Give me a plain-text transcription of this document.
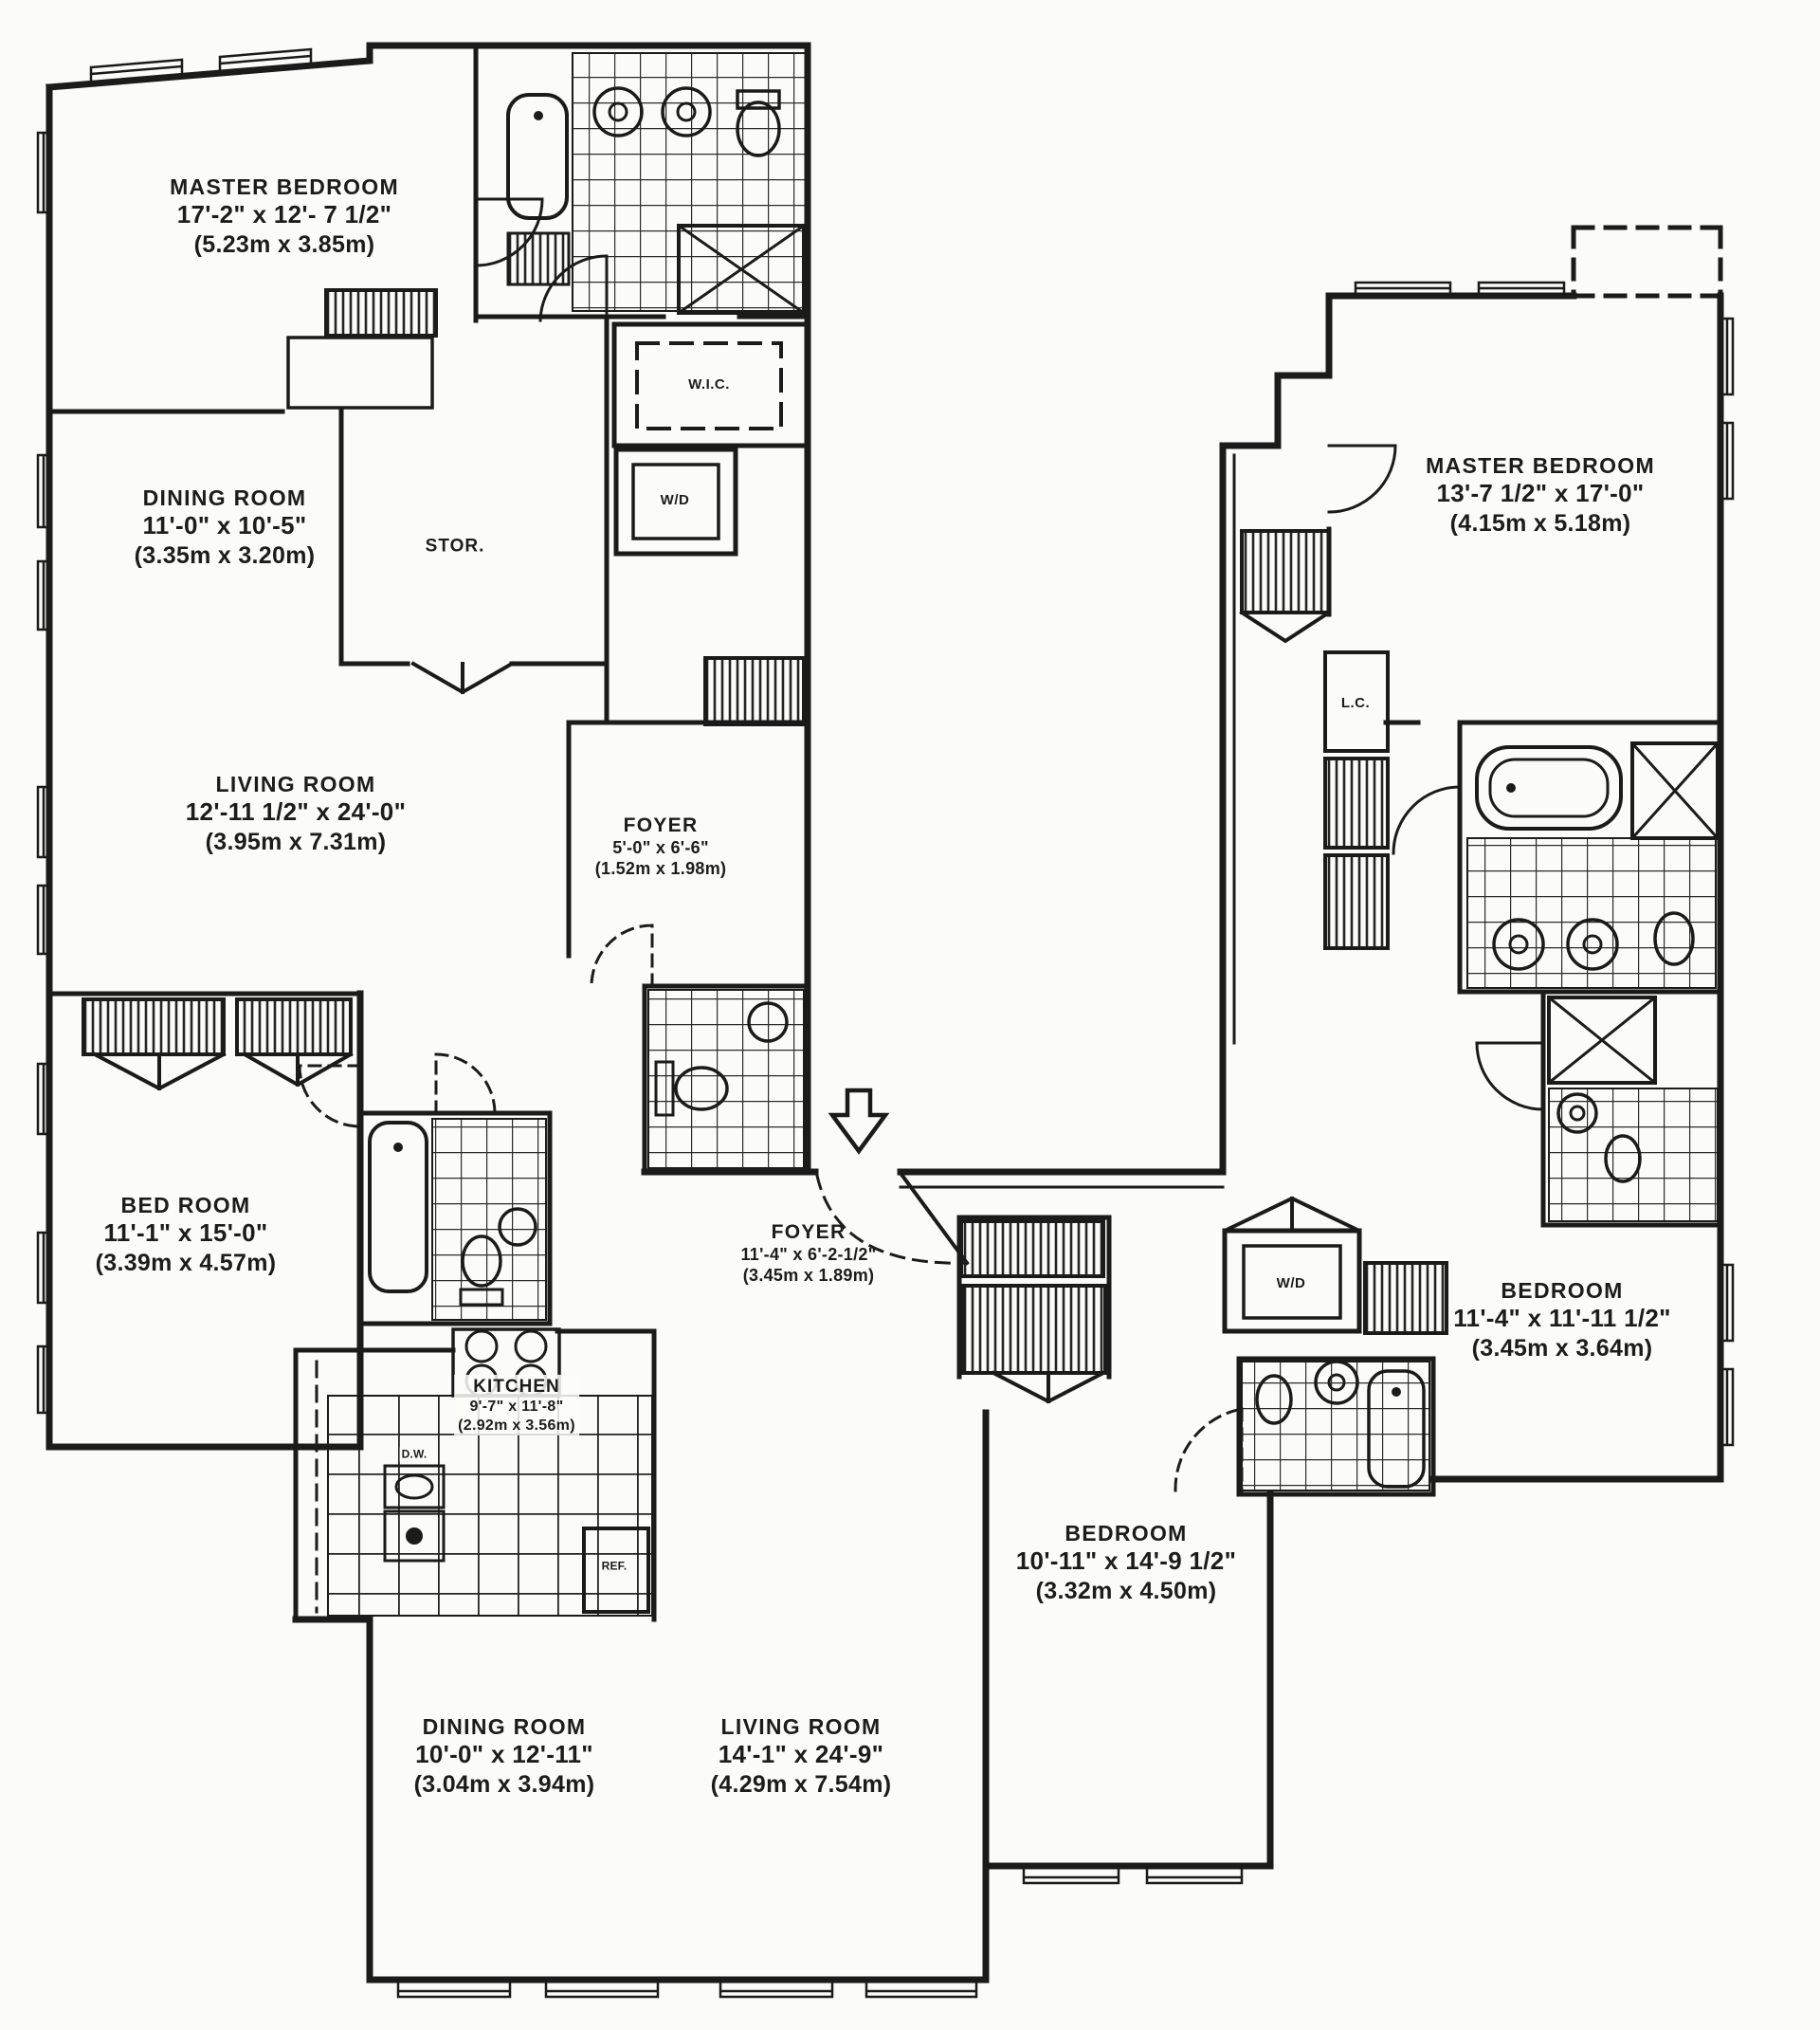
MASTER BEDROOM
17'-2" x 12'- 7 1/2"
(5.23m x 3.85m)
DINING ROOM
11'-0" x 10'-5"
(3.35m x 3.20m)	STOR.
W.I.C.
W/D
LIVING ROOM
12'-11 1/2" x 24'-0"
(3.95m x 7.31m)
FOYER
5'-0" x 6'-6"
(1.52m x 1.98m)
BED ROOM
11'-1" x 15'-0"
(3.39m x 4.57m)
MASTER BEDROOM
13'-7 1/2" x 17'-0"
(4.15m x 5.18m)
L.C.
FOYER
11'-4" x 6'-2-1/2"
(3.45m x 1.89m)
BEDROOM
11'-4" x 11'-11 1/2"
(3.45m x 3.64m)
W/D
BEDROOM
10'-11" x 14'-9 1/2"
(3.32m x 4.50m)
KITCHEN
9'-7" x 11'-8"
(2.92m x 3.56m)
D.W.
REF.
DINING ROOM
10'-0" x 12'-11"
(3.04m x 3.94m)
LIVING ROOM
14'-1" x 24'-9"
(4.29m x 7.54m)
